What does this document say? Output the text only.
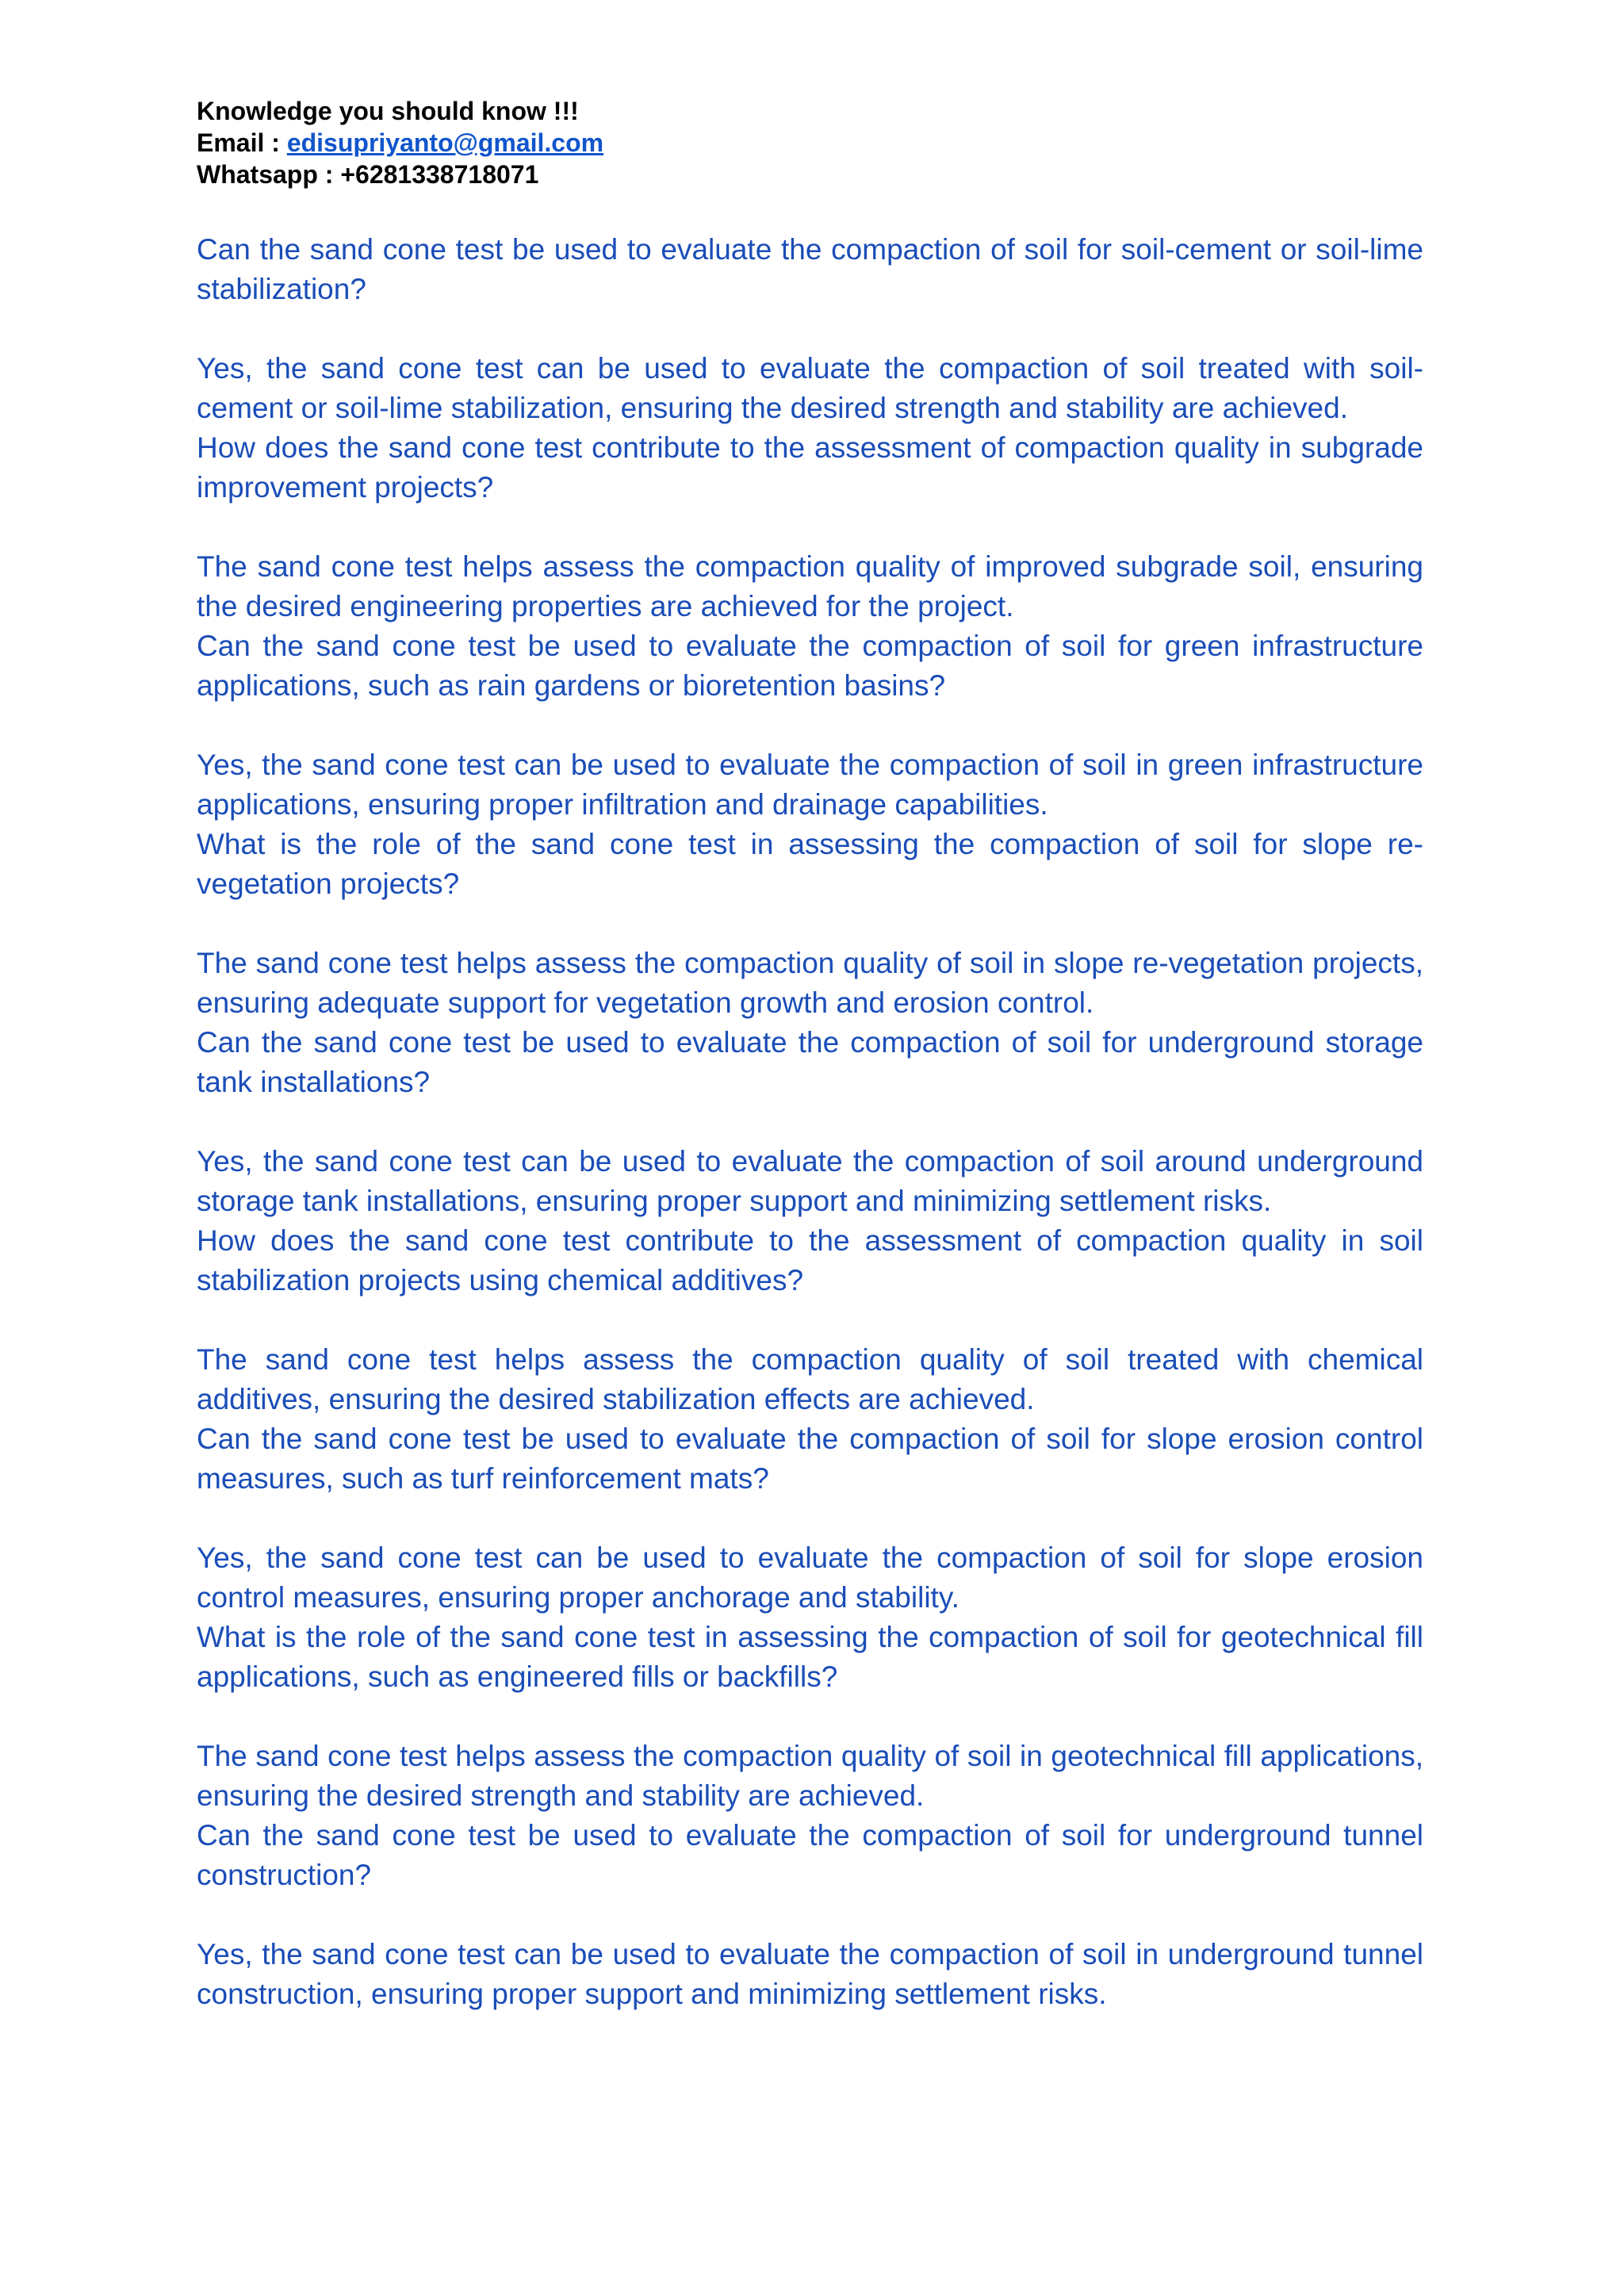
Knowledge you should know !!!
Email : edisupriyanto@gmail.com
Whatsapp : +6281338718071

Can the sand cone test be used to evaluate the compaction of soil for soil-cement or soil-lime stabilization?

Yes, the sand cone test can be used to evaluate the compaction of soil treated with soil-cement or soil-lime stabilization, ensuring the desired strength and stability are achieved.

How does the sand cone test contribute to the assessment of compaction quality in subgrade improvement projects?

The sand cone test helps assess the compaction quality of improved subgrade soil, ensuring the desired engineering properties are achieved for the project.

Can the sand cone test be used to evaluate the compaction of soil for green infrastructure applications, such as rain gardens or bioretention basins?

Yes, the sand cone test can be used to evaluate the compaction of soil in green infrastructure applications, ensuring proper infiltration and drainage capabilities.

What is the role of the sand cone test in assessing the compaction of soil for slope re-vegetation projects?

The sand cone test helps assess the compaction quality of soil in slope re-vegetation projects, ensuring adequate support for vegetation growth and erosion control.

Can the sand cone test be used to evaluate the compaction of soil for underground storage tank installations?

Yes, the sand cone test can be used to evaluate the compaction of soil around underground storage tank installations, ensuring proper support and minimizing settlement risks.

How does the sand cone test contribute to the assessment of compaction quality in soil stabilization projects using chemical additives?

The sand cone test helps assess the compaction quality of soil treated with chemical additives, ensuring the desired stabilization effects are achieved.

Can the sand cone test be used to evaluate the compaction of soil for slope erosion control measures, such as turf reinforcement mats?

Yes, the sand cone test can be used to evaluate the compaction of soil for slope erosion control measures, ensuring proper anchorage and stability.

What is the role of the sand cone test in assessing the compaction of soil for geotechnical fill applications, such as engineered fills or backfills?

The sand cone test helps assess the compaction quality of soil in geotechnical fill applications, ensuring the desired strength and stability are achieved.

Can the sand cone test be used to evaluate the compaction of soil for underground tunnel construction?

Yes, the sand cone test can be used to evaluate the compaction of soil in underground tunnel construction, ensuring proper support and minimizing settlement risks.
